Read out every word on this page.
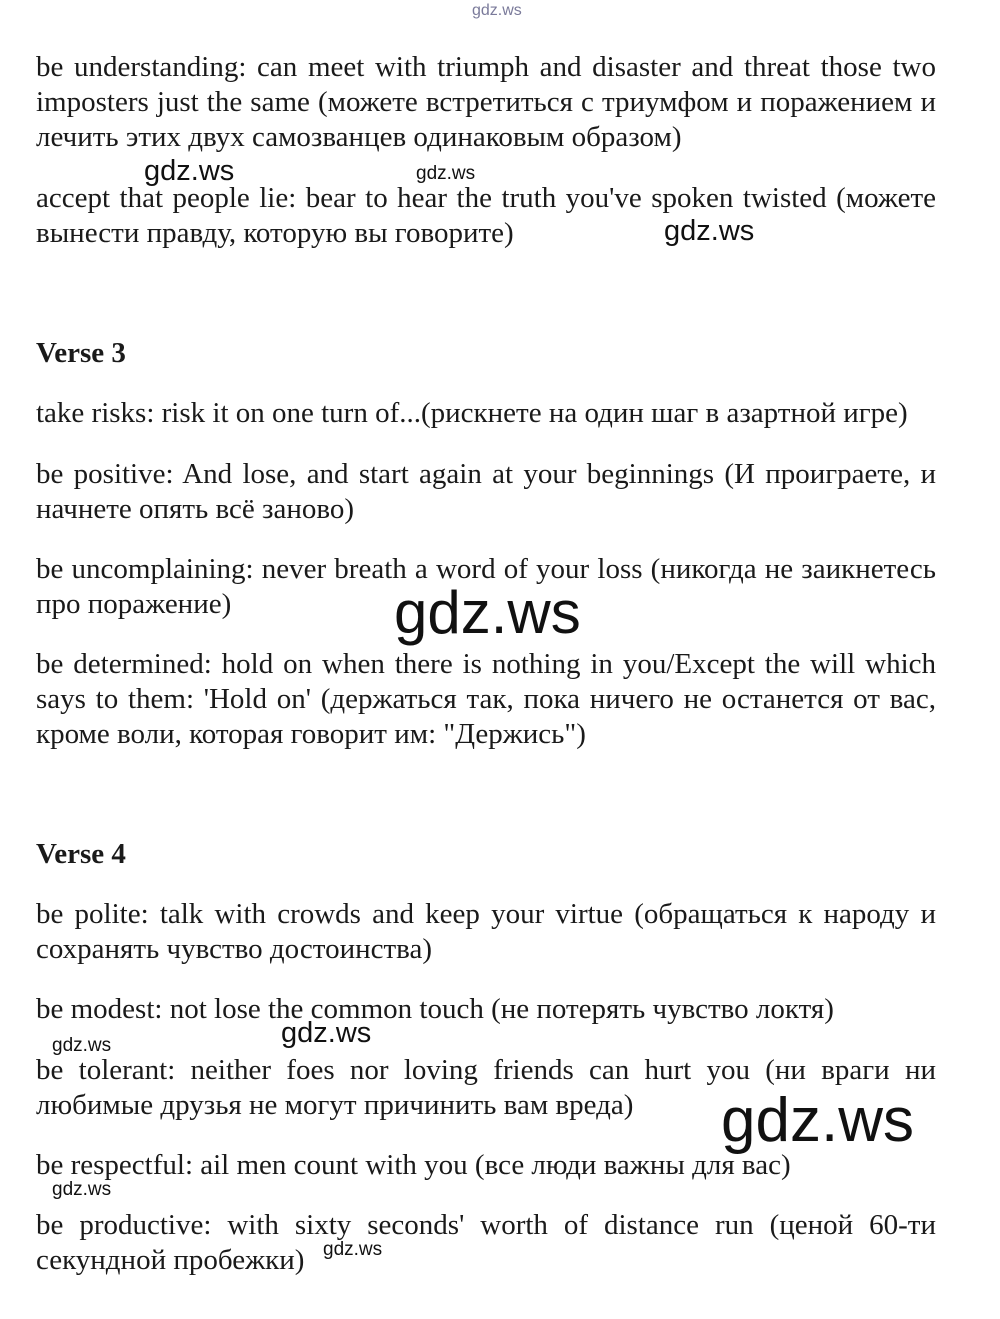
gdz.ws

be understanding: can meet with triumph and disaster and threat those two imposters just the same (можете встретиться с триумфом и поражением и лечить этих двух самозванцев одинаковым образом)

gdz.ws	gdz.ws

accept that people lie: bear to hear the truth you've spoken twisted (можете вынести правду, которую вы говорите)	gdz.ws

Verse 3

take risks: risk it on one turn of...(рискнете на один шаг в азартной игре)

be positive: And lose, and start again at your beginnings (И проиграете, и начнете опять всё заново)

be uncomplaining: never breath a word of your loss (никогда не заикнетесь про поражение)	gdz.ws

be determined: hold on when there is nothing in you/Except the will which says to them: 'Hold on' (держаться так, пока ничего не останется от вас, кроме воли, которая говорит им: "Держись")

Verse 4

be polite: talk with crowds and keep your virtue (обращаться к народу и сохранять чувство достоинства)

be modest: not lose the common touch (не потерять чувство локтя)

gdz.ws
gdz.ws

be tolerant: neither foes nor loving friends can hurt you (ни враги ни любимые друзья не могут причинить вам вреда)	gdz.ws

be respectful: ail men count with you (все люди важны для вас)

gdz.ws

be productive: with sixty seconds' worth of distance run (ценой 60-ти секундной пробежки) gdz.ws
